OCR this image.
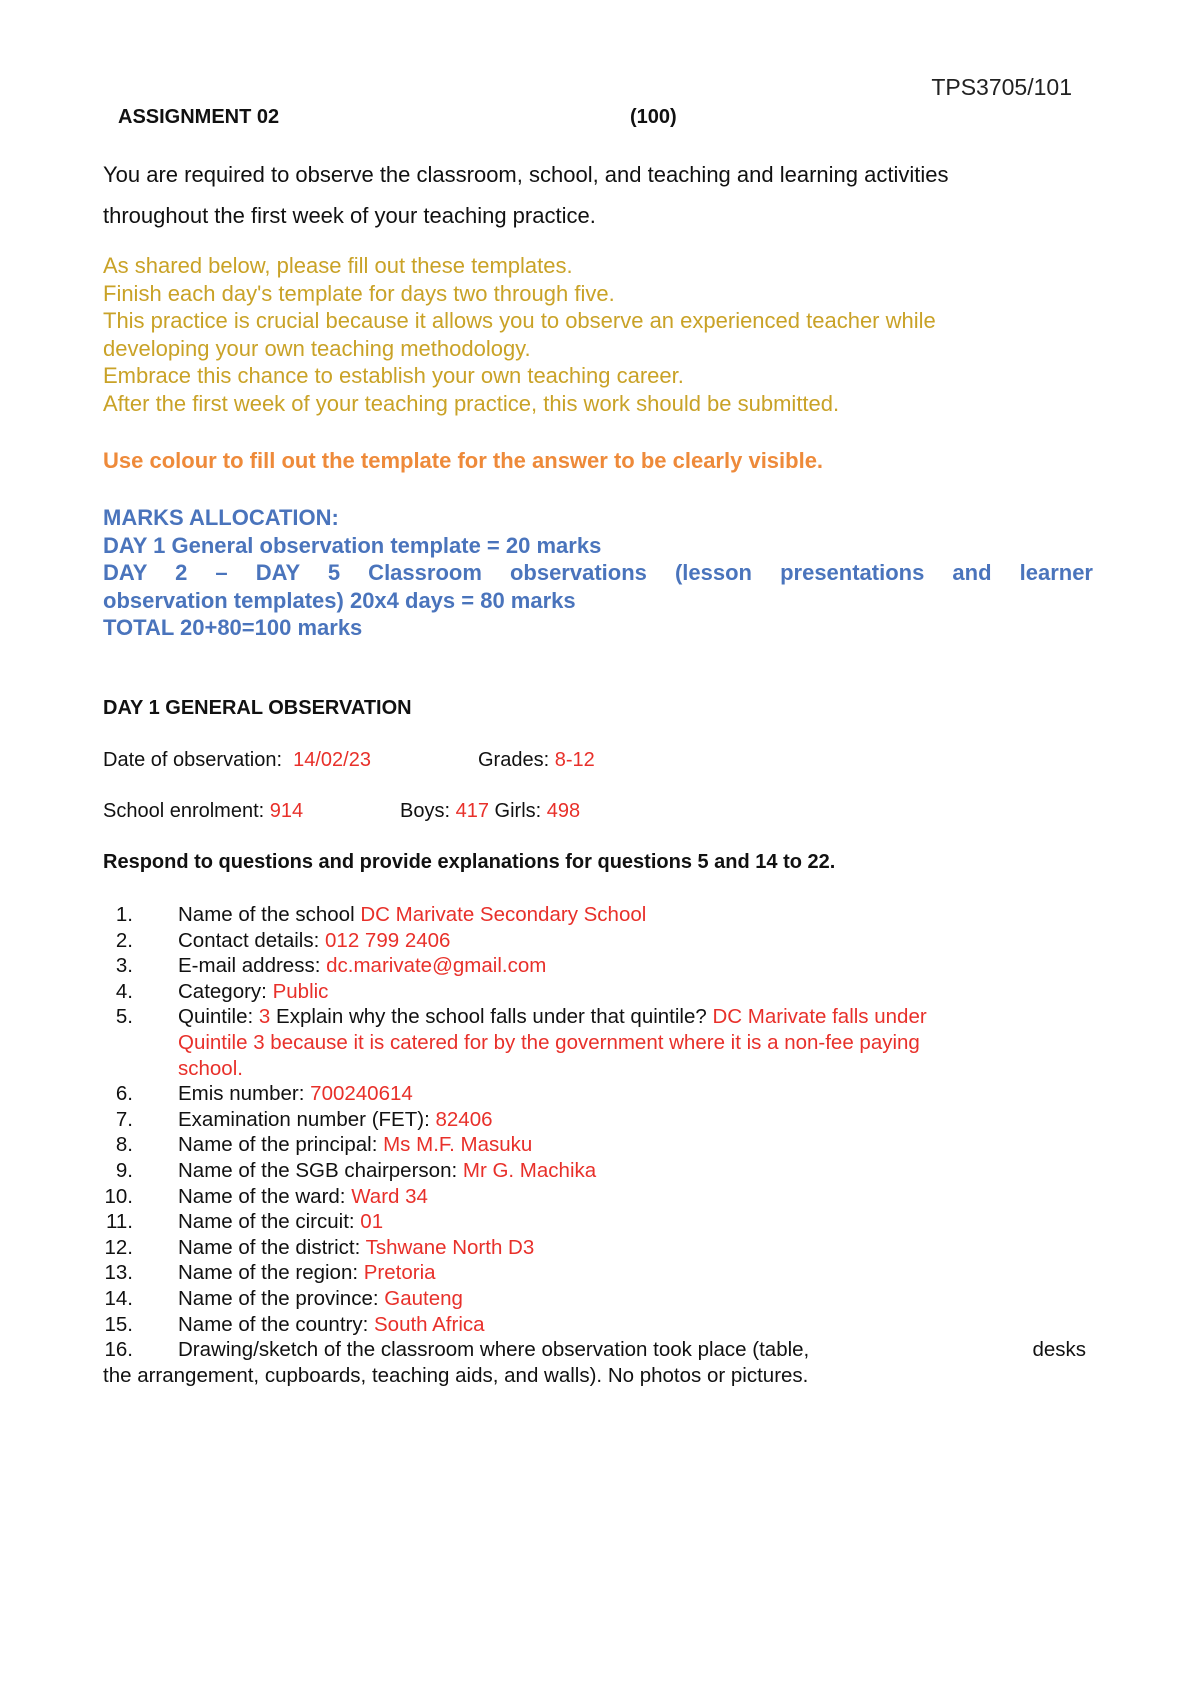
TPS3705/101
ASSIGNMENT 02	(100)
You are required to observe the classroom, school, and teaching and learning activities
throughout the first week of your teaching practice.
As shared below, please fill out these templates.
Finish each day's template for days two through five.
This practice is crucial because it allows you to observe an experienced teacher while
developing your own teaching methodology.
Embrace this chance to establish your own teaching career.
After the first week of your teaching practice, this work should be submitted.
Use colour to fill out the template for the answer to be clearly visible.
MARKS ALLOCATION:
DAY 1 General observation template = 20 marks
DAY 2 – DAY 5 Classroom observations (lesson presentations and learner
observation templates) 20x4 days = 80 marks
TOTAL 20+80=100 marks
DAY 1 GENERAL OBSERVATION
Date of observation: 14/02/23	Grades: 8-12
School enrolment: 914	Boys: 417 Girls: 498
Respond to questions and provide explanations for questions 5 and 14 to 22.
1. Name of the school DC Marivate Secondary School
2. Contact details: 012 799 2406
3. E-mail address: dc.marivate@gmail.com
4. Category: Public
5. Quintile: 3 Explain why the school falls under that quintile? DC Marivate falls under
Quintile 3 because it is catered for by the government where it is a non-fee paying
school.
6. Emis number: 700240614
7. Examination number (FET): 82406
8. Name of the principal: Ms M.F. Masuku
9. Name of the SGB chairperson: Mr G. Machika
10. Name of the ward: Ward 34
11. Name of the circuit: 01
12. Name of the district: Tshwane North D3
13. Name of the region: Pretoria
14. Name of the province: Gauteng
15. Name of the country: South Africa
16. Drawing/sketch of the classroom where observation took place (table,	desks
the arrangement, cupboards, teaching aids, and walls). No photos or pictures.
